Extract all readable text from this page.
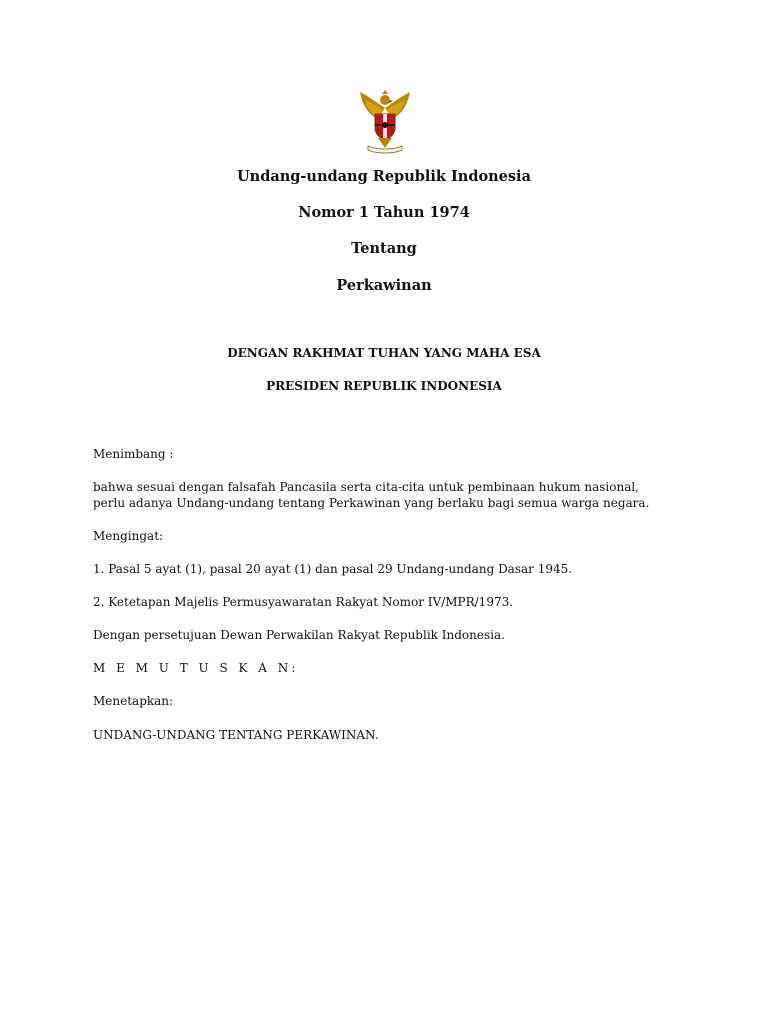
Undang-undang Republik Indonesia
Nomor 1 Tahun 1974
Tentang
Perkawinan
DENGAN RAKHMAT TUHAN YANG MAHA ESA
PRESIDEN REPUBLIK INDONESIA
Menimbang :
bahwa sesuai dengan falsafah Pancasila serta cita-cita untuk pembinaan hukum nasional,
perlu adanya Undang-undang tentang Perkawinan yang berlaku bagi semua warga negara.
Mengingat:
1. Pasal 5 ayat (1), pasal 20 ayat (1) dan pasal 29 Undang-undang Dasar 1945.
2. Ketetapan Majelis Permusyawaratan Rakyat Nomor IV/MPR/1973.
Dengan persetujuan Dewan Perwakilan Rakyat Republik Indonesia.
M E M U T U S K A N:
Menetapkan:
UNDANG-UNDANG TENTANG PERKAWINAN.
